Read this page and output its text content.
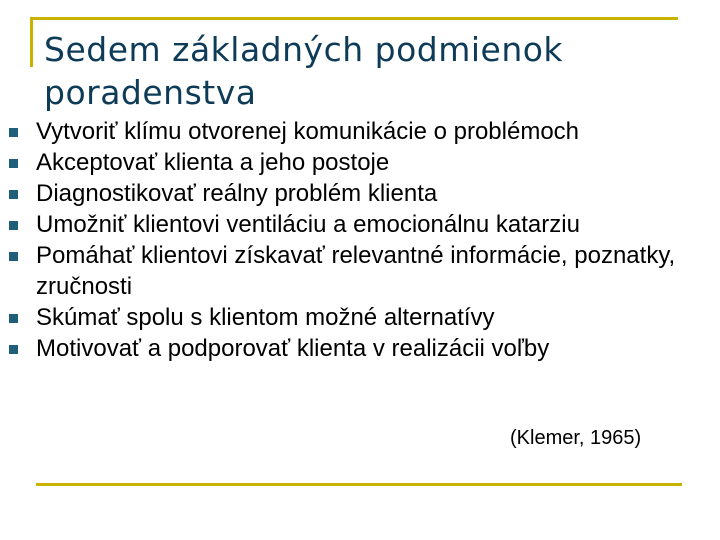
Sedem základných podmienok poradenstva
Vytvoriť klímu otvorenej komunikácie o problémoch
Akceptovať klienta a jeho postoje
Diagnostikovať reálny problém klienta
Umožniť klientovi ventiláciu a emocionálnu katarziu
Pomáhať klientovi získavať relevantné informácie, poznatky, zručnosti
Skúmať spolu s klientom možné alternatívy
Motivovať a podporovať klienta v realizácii voľby
(Klemer, 1965)
